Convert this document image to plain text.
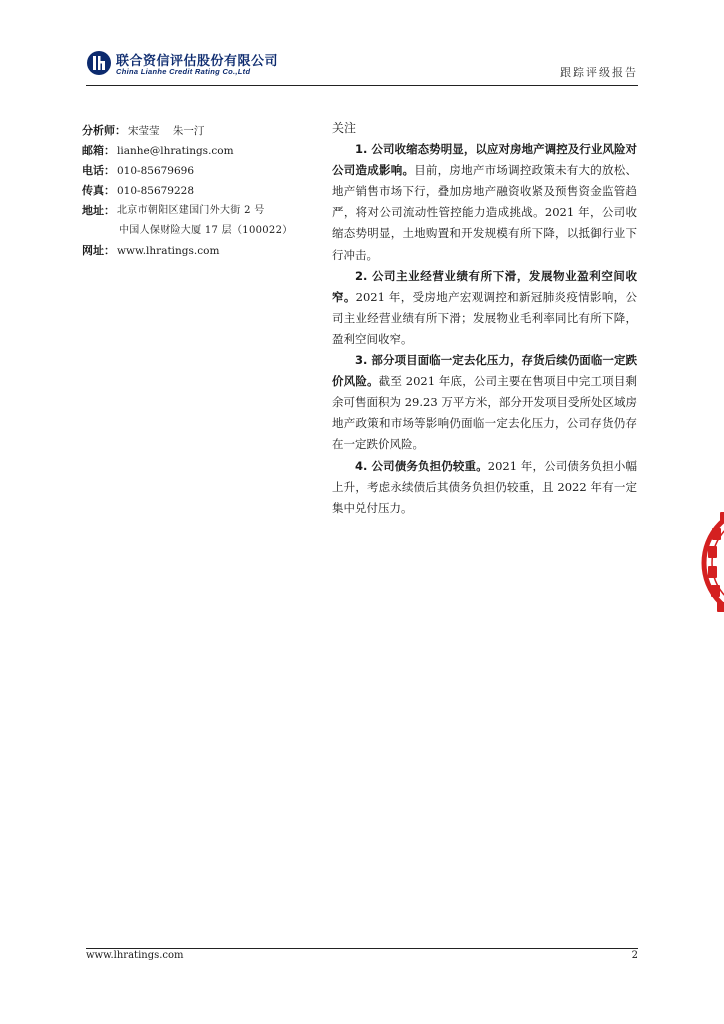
联合资信评估股份有限公司
China Lianhe Credit Rating Co.,Ltd	跟踪评级报告
分析师： 宋莹莹    朱一汀
邮箱： lianhe@lhratings.com
电话： 010-85679696
传真： 010-85679228
地址： 北京市朝阳区建国门外大街 2 号
中国人保财险大厦 17 层（100022）
网址： www.lhratings.com
关注

1. 公司收缩态势明显，以应对房地产调控及行业风险对公司造成影响。目前，房地产市场调控政策未有大的放松、地产销售市场下行，叠加房地产融资收紧及预售资金监管趋严，将对公司流动性管控能力造成挑战。2021 年，公司收缩态势明显，土地购置和开发规模有所下降，以抵御行业下行冲击。

2. 公司主业经营业绩有所下滑，发展物业盈利空间收窄。2021 年，受房地产宏观调控和新冠肺炎疫情影响，公司主业经营业绩有所下滑；发展物业毛利率同比有所下降，盈利空间收窄。

3. 部分项目面临一定去化压力，存货后续仍面临一定跌价风险。截至 2021 年底，公司主要在售项目中完工项目剩余可售面积为 29.23 万平方米，部分开发项目受所处区域房地产政策和市场等影响仍面临一定去化压力，公司存货仍存在一定跌价风险。

4. 公司债务负担仍较重。2021 年，公司债务负担小幅上升，考虑永续债后其债务负担仍较重，且 2022 年有一定集中兑付压力。

www.lhratings.com	2
